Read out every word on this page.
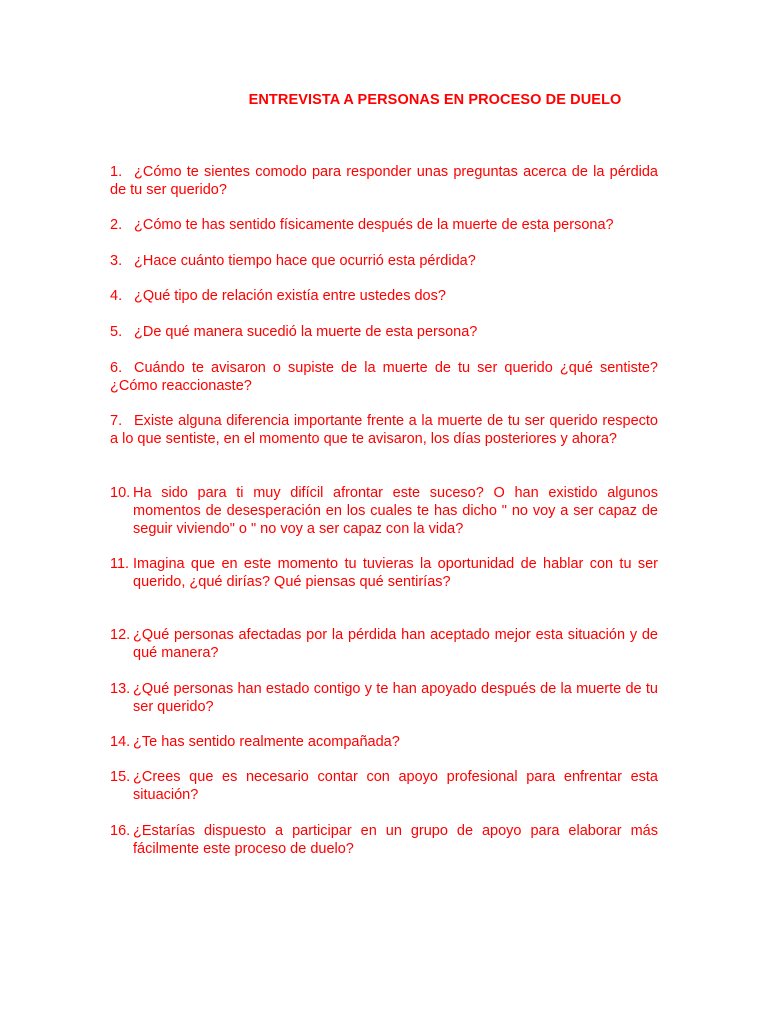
ENTREVISTA A PERSONAS EN PROCESO DE DUELO
1. ¿Cómo te sientes comodo para responder unas preguntas acerca de la pérdida de tu ser querido?
2. ¿Cómo te has sentido físicamente después de la muerte de esta persona?
3. ¿Hace cuánto tiempo hace que ocurrió esta pérdida?
4. ¿Qué tipo de relación existía entre ustedes dos?
5. ¿De qué manera sucedió la muerte de esta persona?
6. Cuándo te avisaron o supiste de la muerte de tu ser querido ¿qué sentiste? ¿Cómo reaccionaste?
7. Existe alguna diferencia importante frente a la muerte de tu ser querido respecto a lo que sentiste, en el momento que te avisaron, los días posteriores y ahora?
10. Ha sido para ti muy difícil afrontar este suceso? O han existido algunos momentos de desesperación en los cuales te has dicho " no voy a ser capaz de seguir viviendo" o " no voy a ser capaz con la vida?
11. Imagina que en este momento tu tuvieras la oportunidad de hablar con tu ser querido, ¿qué dirías? Qué piensas qué sentirías?
12. ¿Qué personas afectadas por la pérdida han aceptado mejor esta situación y de qué manera?
13. ¿Qué personas han estado contigo y te han apoyado después de la muerte de tu ser querido?
14. ¿Te has sentido realmente acompañada?
15. ¿Crees que es necesario contar con apoyo profesional para enfrentar esta situación?
16. ¿Estarías dispuesto a participar en un grupo de apoyo para elaborar más fácilmente este proceso de duelo?
